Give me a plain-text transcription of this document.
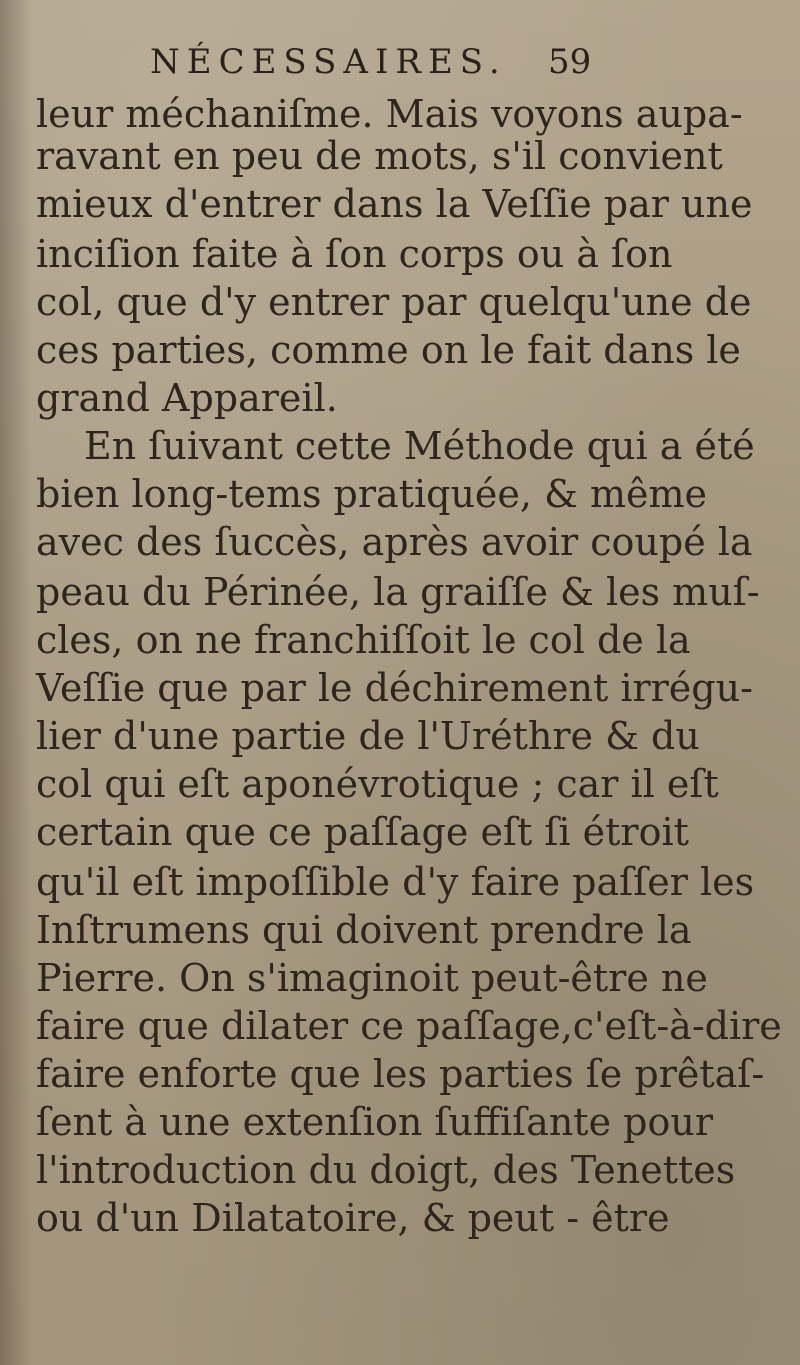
NÉCESSAIRES.	59
leur méchaniſme. Mais voyons aupa-
ravant en peu de mots, s'il convient
mieux d'entrer dans la Veſſie par une
inciſion faite à ſon corps ou à ſon
col, que d'y entrer par quelqu'une de
ces parties, comme on le fait dans le
grand Appareil.
En ſuivant cette Méthode qui a été
bien long-tems pratiquée, & même
avec des ſuccès, après avoir coupé la
peau du Périnée, la graiſſe & les muſ-
cles, on ne franchiſſoit le col de la
Veſſie que par le déchirement irrégu-
lier d'une partie de l'Uréthre & du
col qui eſt aponévrotique ; car il eſt
certain que ce paſſage eſt ſi étroit
qu'il eſt impoſſible d'y faire paſſer les
Inſtrumens qui doivent prendre la
Pierre. On s'imaginoit peut-être ne
faire que dilater ce paſſage,c'eſt-à-dire
faire enforte que les parties ſe prêtaſ-
ſent à une extenſion ſuffiſante pour
l'introduction du doigt, des Tenettes
ou d'un Dilatatoire, & peut - être
